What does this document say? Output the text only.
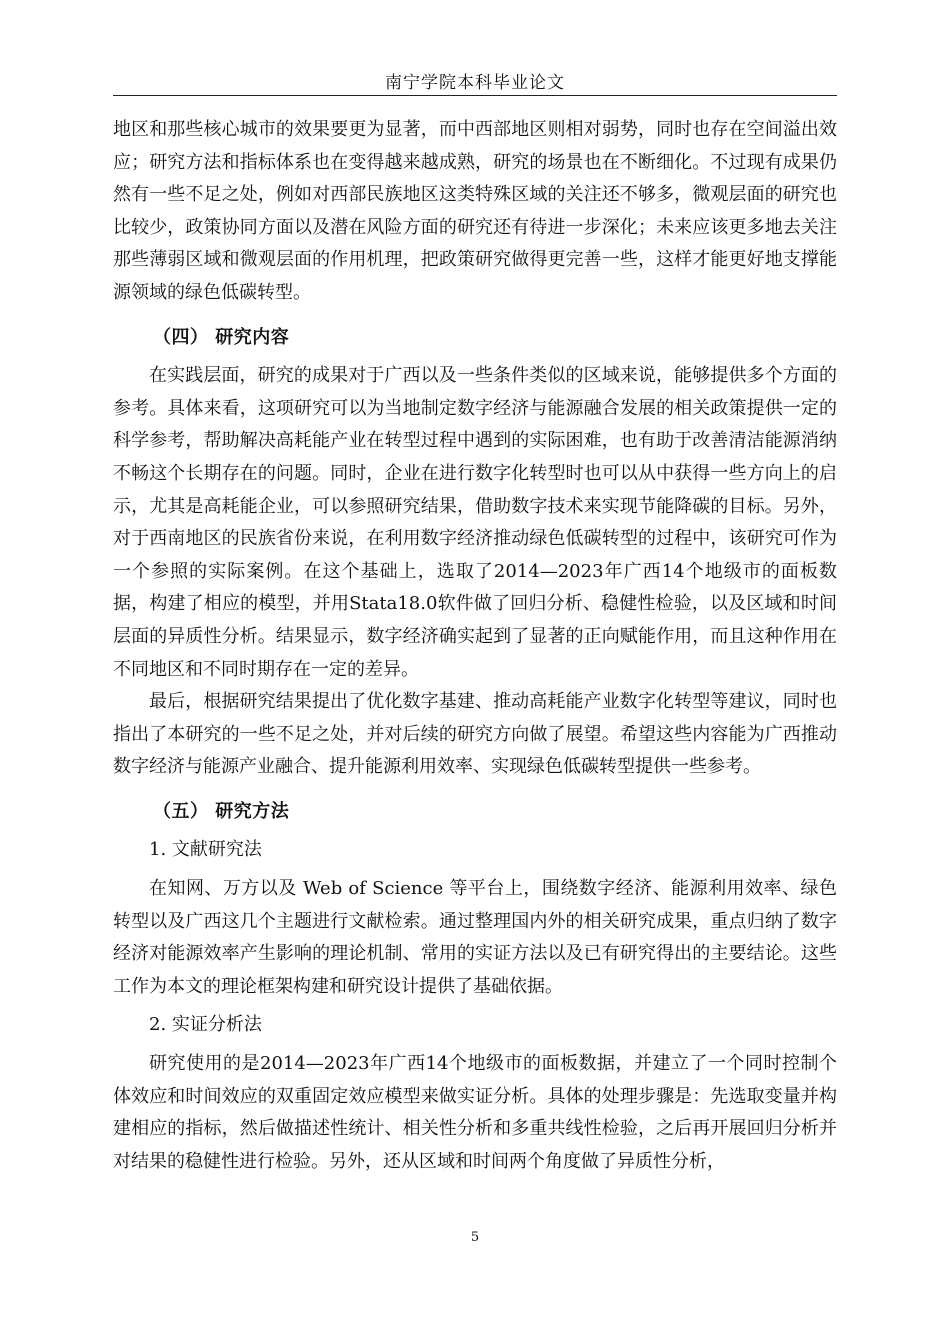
南宁学院本科毕业论文

地区和那些核心城市的效果要更为显著，而中西部地区则相对弱势，同时也存在空间溢出效应；研究方法和指标体系也在变得越来越成熟，研究的场景也在不断细化。不过现有成果仍然有一些不足之处，例如对西部民族地区这类特殊区域的关注还不够多，微观层面的研究也比较少，政策协同方面以及潜在风险方面的研究还有待进一步深化；未来应该更多地去关注那些薄弱区域和微观层面的作用机理，把政策研究做得更完善一些，这样才能更好地支撑能源领域的绿色低碳转型。

（四） 研究内容

在实践层面，研究的成果对于广西以及一些条件类似的区域来说，能够提供多个方面的参考。具体来看，这项研究可以为当地制定数字经济与能源融合发展的相关政策提供一定的科学参考，帮助解决高耗能产业在转型过程中遇到的实际困难，也有助于改善清洁能源消纳不畅这个长期存在的问题。同时，企业在进行数字化转型时也可以从中获得一些方向上的启示，尤其是高耗能企业，可以参照研究结果，借助数字技术来实现节能降碳的目标。另外，对于西南地区的民族省份来说，在利用数字经济推动绿色低碳转型的过程中，该研究可作为一个参照的实际案例。在这个基础上，选取了2014—2023年广西14个地级市的面板数据，构建了相应的模型，并用Stata18.0软件做了回归分析、稳健性检验，以及区域和时间层面的异质性分析。结果显示，数字经济确实起到了显著的正向赋能作用，而且这种作用在不同地区和不同时期存在一定的差异。

最后，根据研究结果提出了优化数字基建、推动高耗能产业数字化转型等建议，同时也指出了本研究的一些不足之处，并对后续的研究方向做了展望。希望这些内容能为广西推动数字经济与能源产业融合、提升能源利用效率、实现绿色低碳转型提供一些参考。

（五） 研究方法

1. 文献研究法

在知网、万方以及 Web of Science 等平台上，围绕数字经济、能源利用效率、绿色转型以及广西这几个主题进行文献检索。通过整理国内外的相关研究成果，重点归纳了数字经济对能源效率产生影响的理论机制、常用的实证方法以及已有研究得出的主要结论。这些工作为本文的理论框架构建和研究设计提供了基础依据。

2. 实证分析法

研究使用的是2014—2023年广西14个地级市的面板数据，并建立了一个同时控制个体效应和时间效应的双重固定效应模型来做实证分析。具体的处理步骤是：先选取变量并构建相应的指标，然后做描述性统计、相关性分析和多重共线性检验，之后再开展回归分析并对结果的稳健性进行检验。另外，还从区域和时间两个角度做了异质性分析，

5
